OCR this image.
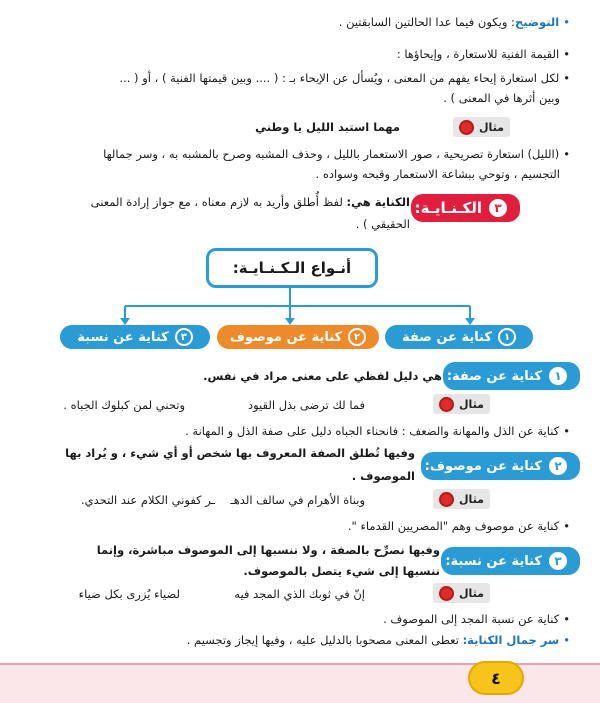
• التوضيح: ويكون فيما عدا الحالتين السابقتين .
• القيمة الفنية للاستعارة ، وإيحاؤها :
• لكل استعارة إيحاء يفهم من المعنى ، ويُسأل عن الإيحاء بـ : ( .... وبين قيمتها الفنية ) ، أو ( ...
وبين أثرها في المعنى ) .
مثال
مهما استبد الليل يا وطني
• (الليل) استعارة تصريحية ، صور الاستعمار بالليل ، وحذف المشبه وصرح بالمشبه به ، وسر جمالها
التجسيم ، وتوحي ببشاعة الاستعمار وقبحه وسواده .
٣
الكـنـايـة:
الكناية هي: لفظ أُطلق وأريد به لازم معناه ، مع جواز إرادة المعنى
الحقيقي ) .
أنـواع الـكـنـايـة:
١
كناية عن صفة
٢
كناية عن موصوف
٣
كناية عن نسبة
١
كناية عن صفة:
هي دليل لفظي على معنى مراد في نفس.
مثال
فما لك ترضى بذل القيود
وتحني لمن كبلوك الجباه .
• كناية عن الذل والمهانة والضعف : فانحناء الجباه دليل على صفة الذل و المهانة .
٢
كناية عن موصوف:
وفيها تُطلق الصفة المعروف بها شخص أو أي شيء ، و يُراد بها
الموصوف .
مثال
وبناة الأهرام في سالف الدهـ
ـر كفوني الكلام عند التحدي.
• كناية عن موصوف وهم "المصريين القدماء ".
٣
كناية عن نسبة:
وفيها نصرِّح بالصفة ، ولا ننسبها إلى الموصوف مباشرة، وإنما
ننسبها إلى شيء يتصل بالموصوف.
مثال
إنّ في ثوبك الذي المجد فيه
لضياء يُزرى بكل ضياء
• كناية عن نسبة المجد إلى الموصوف .
• سر جمال الكناية: تعطى المعنى مصحوبا بالدليل عليه ، وفيها إيجاز وتجسيم .
٤
